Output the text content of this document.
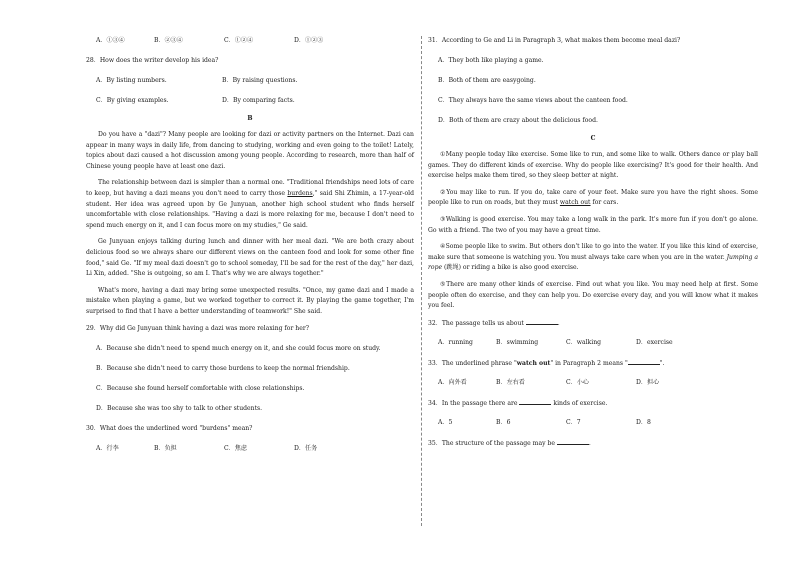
A．①③④	B．②③④	C．①②④	D．①②③
28．How does the writer develop his idea?
A．By listing numbers.	B．By raising questions.
C．By giving examples.	D．By comparing facts.
B
Do you have a "dazi"? Many people are looking for dazi or activity partners on the Internet. Dazi can appear in many ways in daily life, from dancing to studying, working and even going to the toilet! Lately, topics about dazi caused a hot discussion among young people. According to research, more than half of Chinese young people have at least one dazi.
The relationship between dazi is simpler than a normal one. "Traditional friendships need lots of care to keep, but having a dazi means you don't need to carry those burdens," said Shi Zhimin, a 17-year-old student. Her idea was agreed upon by Ge Junyuan, another high school student who finds herself uncomfortable with close relationships. "Having a dazi is more relaxing for me, because I don't need to spend much energy on it, and I can focus more on my studies," Ge said.
Ge Junyuan enjoys talking during lunch and dinner with her meal dazi. "We are both crazy about delicious food so we always share our different views on the canteen food and look for some other fine food," said Ge. "If my meal dazi doesn't go to school someday, I'll be sad for the rest of the day," her dazi, Li Xin, added. "She is outgoing, so am I. That's why we are always together."
What's more, having a dazi may bring some unexpected results. "Once, my game dazi and I made a mistake when playing a game, but we worked together to correct it. By playing the game together, I'm surprised to find that I have a better understanding of teamwork!" She said.
29．Why did Ge Junyuan think having a dazi was more relaxing for her?
A．Because she didn't need to spend much energy on it, and she could focus more on study.
B．Because she didn't need to carry those burdens to keep the normal friendship.
C．Because she found herself comfortable with close relationships.
D．Because she was too shy to talk to other students.
30．What does the underlined word "burdens" mean?
A．行李	B．负担	C．焦虑	D．任务
31．According to Ge and Li in Paragraph 3, what makes them become meal dazi?
A．They both like playing a game.
B．Both of them are easygoing.
C．They always have the same views about the canteen food.
D．Both of them are crazy about the delicious food.
C
①Many people today like exercise. Some like to run, and some like to walk. Others dance or play ball games. They do different kinds of exercise. Why do people like exercising? It's good for their health. And exercise helps make them tired, so they sleep better at night.
②You may like to run. If you do, take care of your feet. Make sure you have the right shoes. Some people like to run on roads, but they must watch out for cars.
③Walking is good exercise. You may take a long walk in the park. It's more fun if you don't go alone. Go with a friend. The two of you may have a great time.
④Some people like to swim. But others don't like to go into the water. If you like this kind of exercise, make sure that someone is watching you. You must always take care when you are in the water. Jumping a rope (跳绳) or riding a bike is also good exercise.
⑤There are many other kinds of exercise. Find out what you like. You may need help at first. Some people often do exercise, and they can help you. Do exercise every day, and you will know what it makes you feel.
32．The passage tells us about	.
A．running	B．swimming	C．walking	D．exercise
33．The underlined phrase "watch out" in Paragraph 2 means "	".
A．向外看	B．左右看	C．小心	D．担心
34．In the passage there are	kinds of exercise.
A．5	B．6	C．7	D．8
35．The structure of the passage may be	.
